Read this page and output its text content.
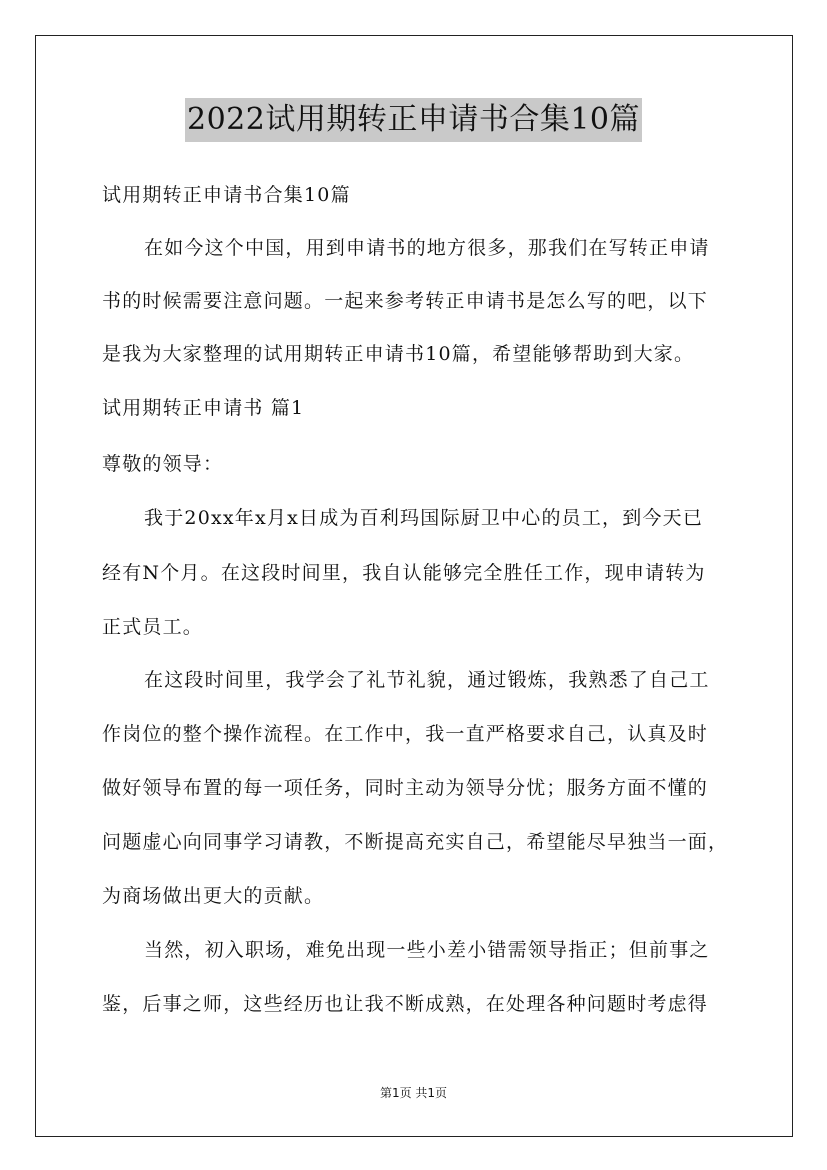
2022试用期转正申请书合集10篇
试用期转正申请书合集10篇
在如今这个中国，用到申请书的地方很多，那我们在写转正申请
书的时候需要注意问题。一起来参考转正申请书是怎么写的吧，以下
是我为大家整理的试用期转正申请书10篇，希望能够帮助到大家。
试用期转正申请书 篇1
尊敬的领导：
我于20xx年x月x日成为百利玛国际厨卫中心的员工，到今天已
经有N个月。在这段时间里，我自认能够完全胜任工作，现申请转为
正式员工。
在这段时间里，我学会了礼节礼貌，通过锻炼，我熟悉了自己工
作岗位的整个操作流程。在工作中，我一直严格要求自己，认真及时
做好领导布置的每一项任务，同时主动为领导分忧；服务方面不懂的
问题虚心向同事学习请教，不断提高充实自己，希望能尽早独当一面，
为商场做出更大的贡献。
当然，初入职场，难免出现一些小差小错需领导指正；但前事之
鉴，后事之师，这些经历也让我不断成熟，在处理各种问题时考虑得
第1页 共1页
